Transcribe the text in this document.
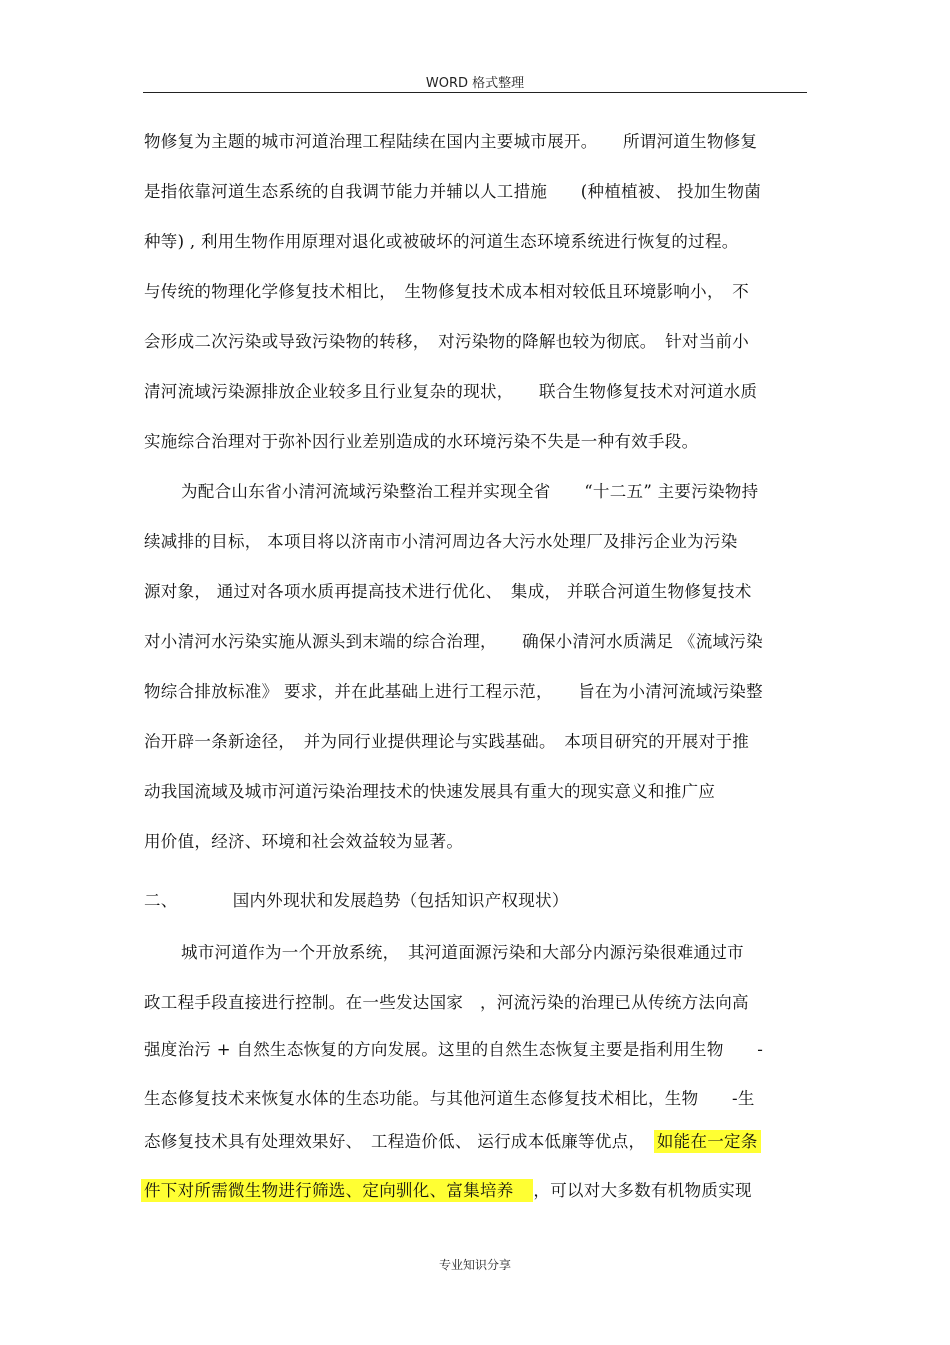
WORD 格式整理
物修复为主题的城市河道治理工程陆续在国内主要城市展开。　　所谓河道生物修复
是指依靠河道生态系统的自我调节能力并辅以人工措施　　(种植植被、 投加生物菌
种等) , 利用生物作用原理对退化或被破坏的河道生态环境系统进行恢复的过程。
与传统的物理化学修复技术相比，　生物修复技术成本相对较低且环境影响小，　不
会形成二次污染或导致污染物的转移，　对污染物的降解也较为彻底。　针对当前小
清河流域污染源排放企业较多且行业复杂的现状，　　联合生物修复技术对河道水质
实施综合治理对于弥补因行业差别造成的水环境污染不失是一种有效手段。
为配合山东省小清河流域污染整治工程并实现全省　　“十二五” 主要污染物持
续减排的目标， 本项目将以济南市小清河周边各大污水处理厂及排污企业为污染
源对象， 通过对各项水质再提高技术进行优化、　集成， 并联合河道生物修复技术
对小清河水污染实施从源头到末端的综合治理，　　确保小清河水质满足 《流域污染
物综合排放标准》 要求，并在此基础上进行工程示范，　　旨在为小清河流域污染整
治开辟一条新途径，　并为同行业提供理论与实践基础。　本项目研究的开展对于推
动我国流域及城市河道污染治理技术的快速发展具有重大的现实意义和推广应
用价值，经济、环境和社会效益较为显著。
二、	国内外现状和发展趋势（包括知识产权现状）
城市河道作为一个开放系统，　其河道面源污染和大部分内源污染很难通过市
政工程手段直接进行控制。在一些发达国家　，河流污染的治理已从传统方法向高
强度治污 + 自然生态恢复的方向发展。这里的自然生态恢复主要是指利用生物　　-
生态修复技术来恢复水体的生态功能。与其他河道生态修复技术相比，生物　　-生
态修复技术具有处理效果好、　工程造价低、 运行成本低廉等优点，　如能在一定条
件下对所需微生物进行筛选、定向驯化、富集培养　，可以对大多数有机物质实现
专业知识分享
